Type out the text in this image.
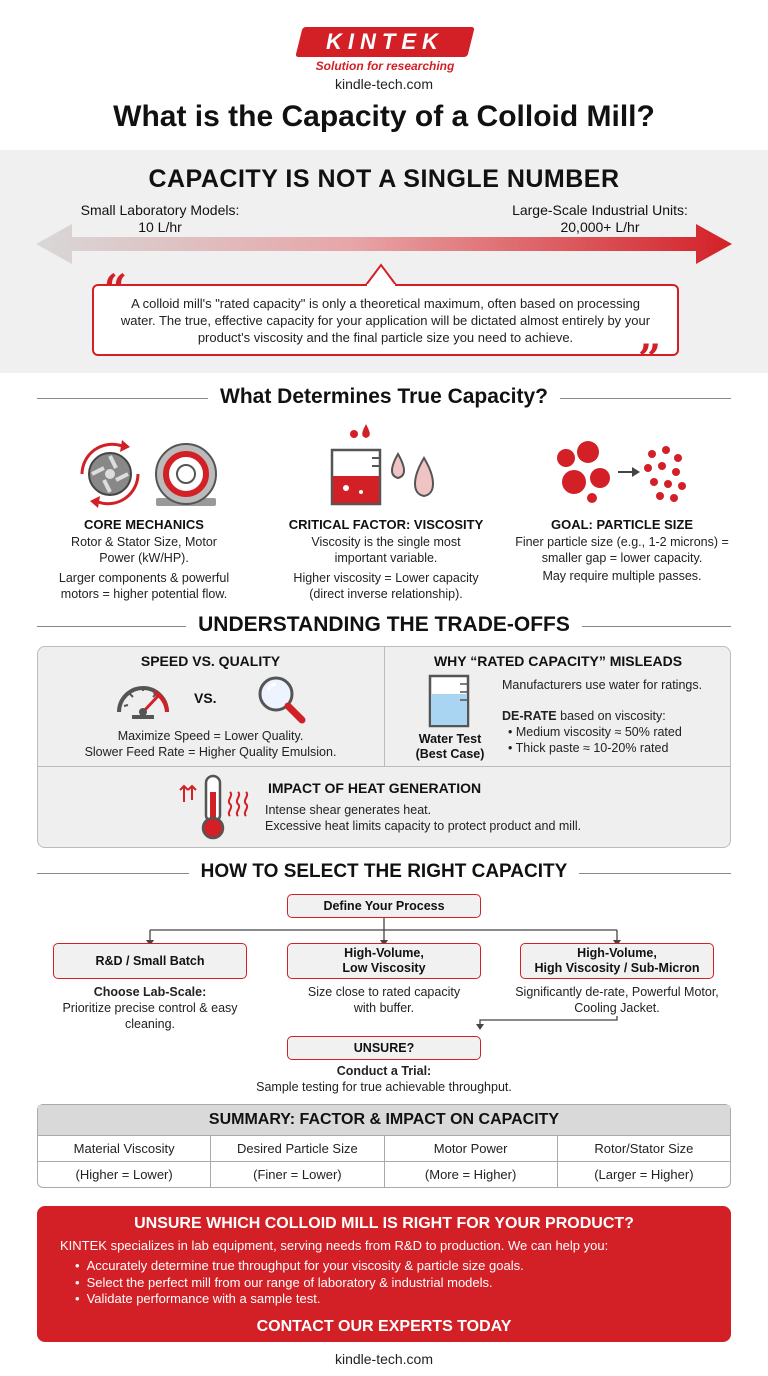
KINTEK
Solution for researching
kindle-tech.com
What is the Capacity of a Colloid Mill?
CAPACITY IS NOT A SINGLE NUMBER
Small Laboratory Models:
10 L/hr
Large-Scale Industrial Units:
20,000+ L/hr
“
”
A colloid mill's "rated capacity" is only a theoretical maximum, often based on processing water. The true, effective capacity for your application will be dictated almost entirely by your product's viscosity and the final particle size you need to achieve.
What Determines True Capacity?
CORE MECHANICS
Rotor & Stator Size, Motor Power (kW/HP).
Larger components & powerful motors = higher potential flow.
CRITICAL FACTOR: VISCOSITY
Viscosity is the single most important variable.
Higher viscosity = Lower capacity (direct inverse relationship).
GOAL: PARTICLE SIZE
Finer particle size (e.g., 1-2 microns) = smaller gap = lower capacity.
May require multiple passes.
UNDERSTANDING THE TRADE-OFFS
SPEED VS. QUALITY
VS.
Maximize Speed = Lower Quality.
Slower Feed Rate = Higher Quality Emulsion.
WHY “RATED CAPACITY” MISLEADS
Water Test
(Best Case)
Manufacturers use water for ratings.
DE-RATE based on viscosity:
• Medium viscosity ≈ 50% rated
• Thick paste ≈ 10-20% rated
IMPACT OF HEAT GENERATION
Intense shear generates heat.
Excessive heat limits capacity to protect product and mill.
HOW TO SELECT THE RIGHT CAPACITY
Define Your Process
R&D / Small Batch
High-Volume,
Low Viscosity
High-Volume,
High Viscosity / Sub-Micron
Choose Lab-Scale:
Prioritize precise control & easy cleaning.
Size close to rated capacity with buffer.
Significantly de-rate, Powerful Motor, Cooling Jacket.
UNSURE?
Conduct a Trial:
Sample testing for true achievable throughput.
SUMMARY: FACTOR & IMPACT ON CAPACITY
Material Viscosity	Desired Particle Size	Motor Power	Rotor/Stator Size
(Higher = Lower)	(Finer = Lower)	(More = Higher)	(Larger = Higher)
UNSURE WHICH COLLOID MILL IS RIGHT FOR YOUR PRODUCT?
KINTEK specializes in lab equipment, serving needs from R&D to production. We can help you:
• Accurately determine true throughput for your viscosity & particle size goals.
• Select the perfect mill from our range of laboratory & industrial models.
• Validate performance with a sample test.
CONTACT OUR EXPERTS TODAY
kindle-tech.com
